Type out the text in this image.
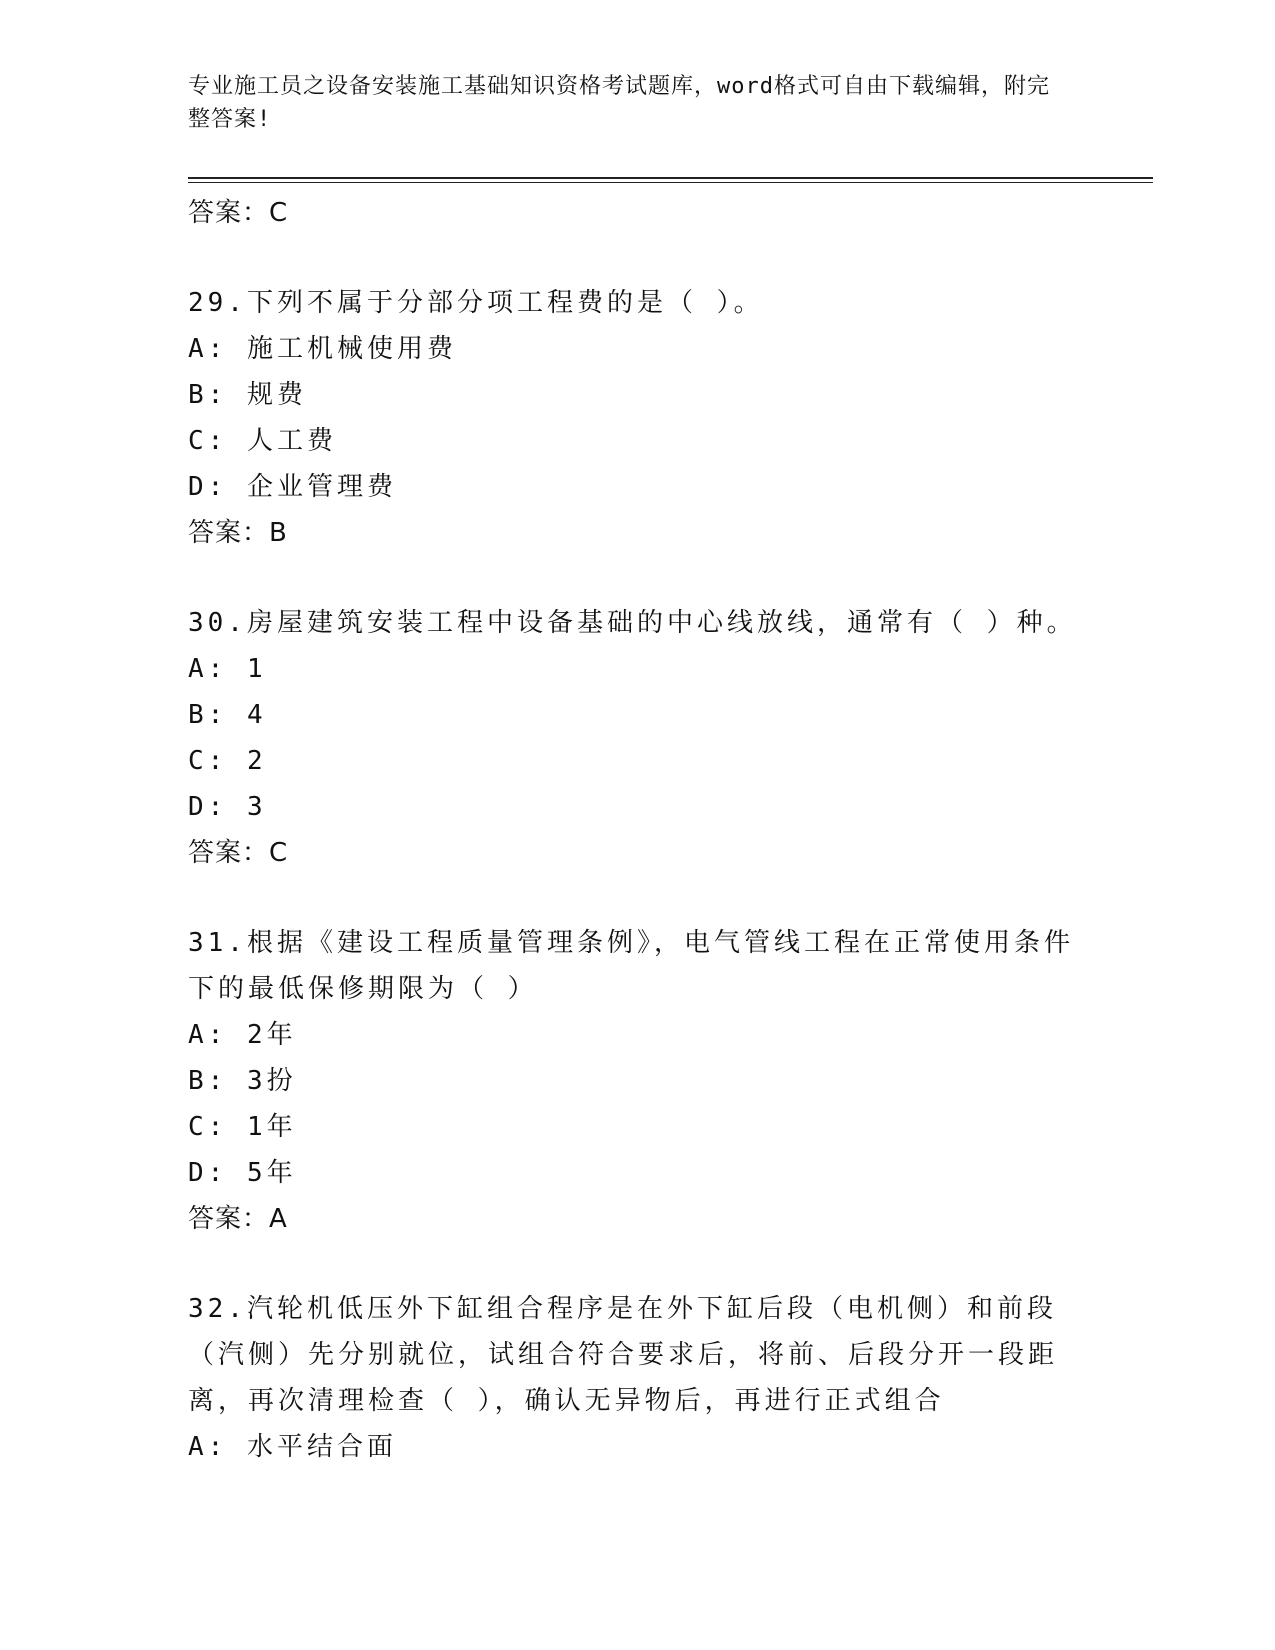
专业施工员之设备安装施工基础知识资格考试题库，word格式可自由下载编辑，附完整答案!
答案：C
29.下列不属于分部分项工程费的是（ ）。
A: 施工机械使用费
B: 规费
C: 人工费
D: 企业管理费
答案：B
30.房屋建筑安装工程中设备基础的中心线放线，通常有（ ）种。
A: 1
B: 4
C: 2
D: 3
答案：C
31.根据《建设工程质量管理条例》，电气管线工程在正常使用条件下的最低保修期限为（ ）
A: 2年
B: 3扮
C: 1年
D: 5年
答案：A
32.汽轮机低压外下缸组合程序是在外下缸后段（电机侧）和前段（汽侧）先分别就位，试组合符合要求后，将前、后段分开一段距离，再次清理检查（ ），确认无异物后，再进行正式组合
A: 水平结合面
